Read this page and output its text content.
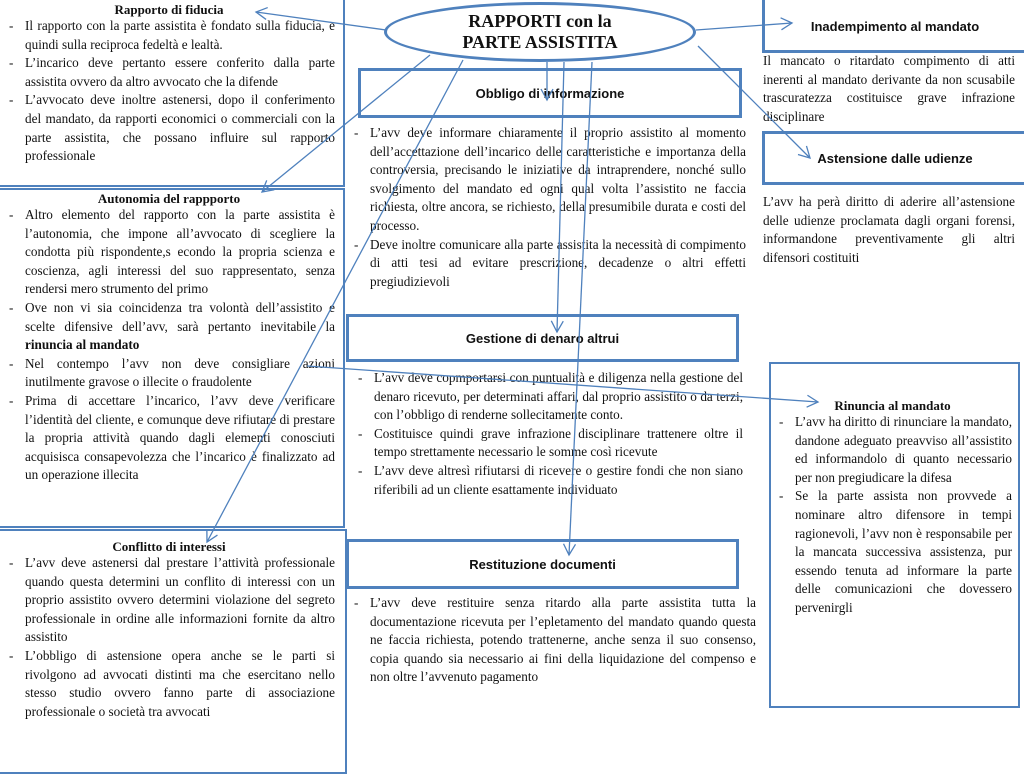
RAPPORTI con la
PARTE ASSISTITA
Rapporto di fiducia
- Il rapporto con la parte assistita è fondato sulla fiducia, e quindi sulla reciproca fedeltà e lealtà.
- L’incarico deve pertanto essere conferito dalla parte assistita ovvero da altro avvocato che la difende
- L’avvocato deve inoltre astenersi, dopo il conferimento del mandato, da rapporti economici o commerciali con la parte assistita, che possano influire sul rapporto professionale
Autonomia del rappporto
- Altro elemento del rapporto con la parte assistita è l’autonomia, che impone all’avvocato di scegliere la condotta più rispondente,s econdo la propria scienza e coscienza, agli interessi del suo rappresentato, senza rendersi mero strumento del primo
- Ove non vi sia coincidenza tra volontà dell’assistito e scelte difensive dell’avv, sarà pertanto inevitabile la rinuncia al mandato
- Nel contempo l’avv non deve consigliare azioni inutilmente gravose o illecite o fraudolente
- Prima di accettare l’incarico, l’avv deve verificare l’identità del cliente, e comunque deve rifiutare di prestare la propria attività quando dagli elementi conosciuti acquisisca consapevolezza che l’incarico è finalizzato ad un operazione illecita
Conflitto di interessi
- L’avv deve astenersi dal prestare l’attività professionale quando questa determini un conflito di interessi con un proprio assistito ovvero determini violazione del segreto professionale in ordine alle informazioni fornite da altro assistito
- L’obbligo di astensione opera anche se le parti si rivolgono ad avvocati distinti ma che esercitano nello stesso studio ovvero fanno parte di associazione professionale o società tra avvocati
Obbligo di informazione
- L’avv deve informare chiaramente il proprio assistito al momento dell’accettazione dell’incarico delle caratteristiche e importanza della controversia, precisando le iniziative da intraprendere, nonché sullo svolgimento del mandato ed ogni qual volta l’assistito ne faccia richiesta, oltre ancora, se richiesto, della presumibile durata e costi del processo.
- Deve inoltre comunicare alla parte assistita la necessità di compimento di atti tesi ad evitare prescrizione, decadenze o altri effetti pregiudizievoli
Gestione di denaro altrui
- L’avv deve copmportarsi con puntualità e diligenza nella gestione del denaro ricevuto, per determinati affari, dal proprio assistito o da terzi, con l’obbligo di renderne sollecitamente conto.
- Costituisce quindi grave infrazione disciplinare trattenere oltre il tempo strettamente necessario le somme così ricevute
- L’avv deve altresì rifiutarsi di ricevere o gestire fondi che non siano riferibili ad un cliente esattamente individuato
Restituzione documenti
- L’avv deve restituire senza ritardo alla parte assistita tutta la documentazione ricevuta per l’epletamento del mandato quando questa ne faccia richiesta, potendo trattenerne, anche senza il suo consenso, copia quando sia necessario ai fini della liquidazione del compenso e non oltre l’avvenuto pagamento
Inadempimento al mandato
Il mancato o ritardato compimento di atti inerenti al mandato derivante da non scusabile trascuratezza costituisce grave infrazione disciplinare
Astensione dalle udienze
L’avv ha perà diritto di aderire all’astensione delle udienze proclamata dagli organi forensi, informandone preventivamente gli altri difensori costituiti
Rinuncia al mandato
- L’avv ha diritto di rinunciare la mandato, dandone adeguato preavviso all’assistito ed informandolo di quanto necessario per non pregiudicare la difesa
- Se la parte assista non provvede a nominare altro difensore in tempi ragionevoli, l’avv non è responsabile per la mancata successiva assistenza, pur essendo tenuta ad informare la parte delle comunicazioni che dovessero pervenirgli
